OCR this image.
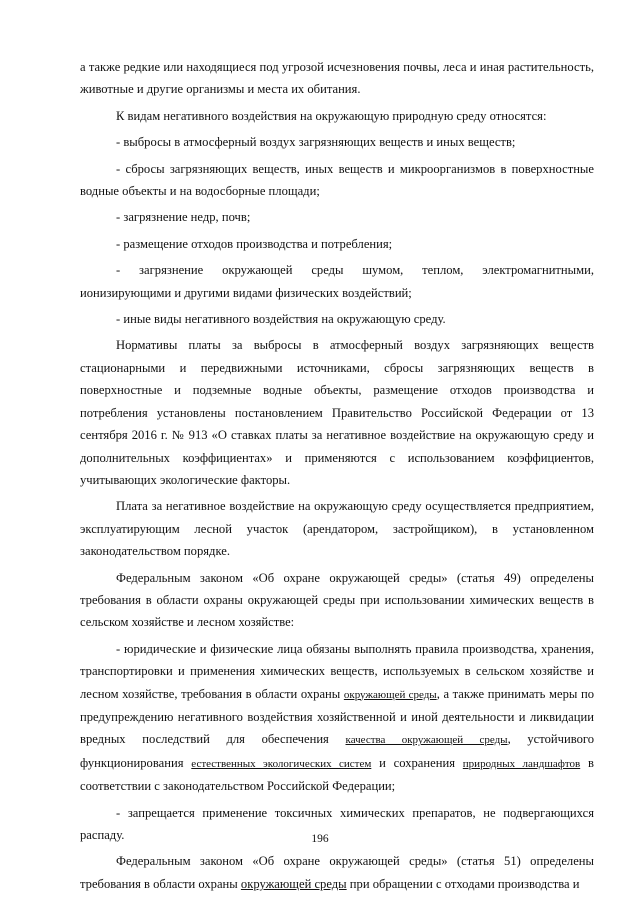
а также редкие или находящиеся под угрозой исчезновения почвы, леса и иная растительность, животные и другие организмы и места их обитания.

К видам негативного воздействия на окружающую природную среду относятся:

- выбросы в атмосферный воздух загрязняющих веществ и иных веществ;

- сбросы загрязняющих веществ, иных веществ и микроорганизмов в поверхностные водные объекты и на водосборные площади;

- загрязнение недр, почв;

- размещение отходов производства и потребления;

- загрязнение окружающей среды шумом, теплом, электромагнитными, ионизирующими и другими видами физических воздействий;

- иные виды негативного воздействия на окружающую среду.

Нормативы платы за выбросы в атмосферный воздух загрязняющих веществ стационарными и передвижными источниками, сбросы загрязняющих веществ в поверхностные и подземные водные объекты, размещение отходов производства и потребления установлены постановлением Правительство Российской Федерации от 13 сентября 2016 г. № 913 «О ставках платы за негативное воздействие на окружающую среду и дополнительных коэффициентах» и применяются с использованием коэффициентов, учитывающих экологические факторы.

Плата за негативное воздействие на окружающую среду осуществляется предприятием, эксплуатирующим лесной участок (арендатором, застройщиком), в установленном законодательством порядке.

Федеральным законом «Об охране окружающей среды» (статья 49) определены требования в области охраны окружающей среды при использовании химических веществ в сельском хозяйстве и лесном хозяйстве:

- юридические и физические лица обязаны выполнять правила производства, хранения, транспортировки и применения химических веществ, используемых в сельском хозяйстве и лесном хозяйстве, требования в области охраны окружающей среды, а также принимать меры по предупреждению негативного воздействия хозяйственной и иной деятельности и ликвидации вредных последствий для обеспечения качества окружающей среды, устойчивого функционирования естественных экологических систем и сохранения природных ландшафтов в соответствии с законодательством Российской Федерации;

- запрещается применение токсичных химических препаратов, не подвергающихся распаду.

Федеральным законом «Об охране окружающей среды» (статья 51) определены требования в области охраны окружающей среды при обращении с отходами производства и

196
